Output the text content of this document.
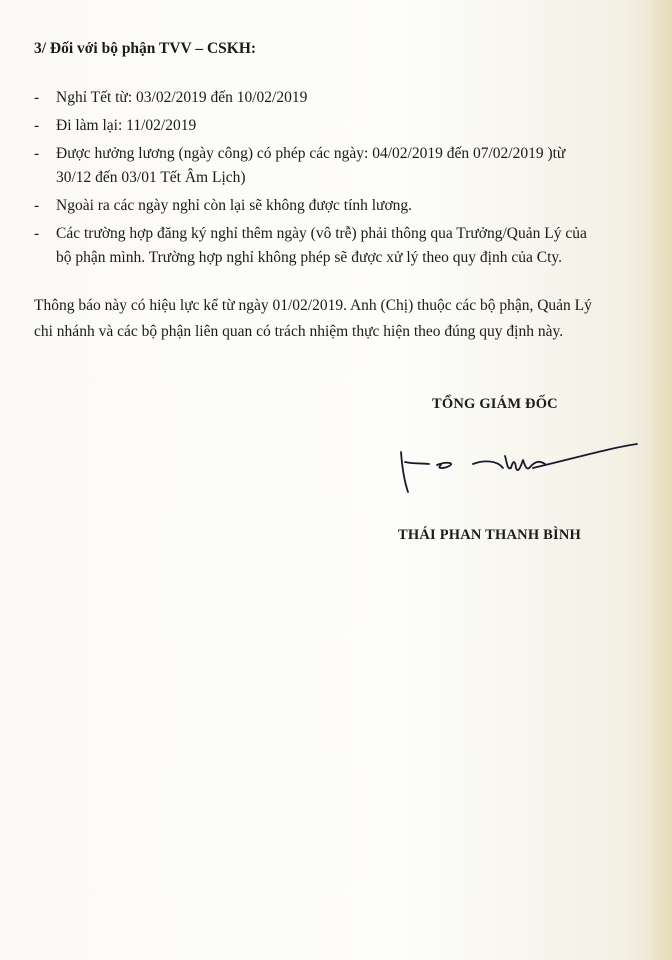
3/ Đối với bộ phận TVV – CSKH:
- Nghỉ Tết từ: 03/02/2019 đến 10/02/2019
- Đi làm lại: 11/02/2019
- Được hưởng lương (ngày công) có phép các ngày: 04/02/2019 đến 07/02/2019 )từ
30/12 đến 03/01 Tết Âm Lịch)
- Ngoài ra các ngày nghỉ còn lại sẽ không được tính lương.
- Các trường hợp đăng ký nghỉ thêm ngày (vô trễ) phải thông qua Trưởng/Quản Lý của
bộ phận mình. Trường hợp nghỉ không phép sẽ được xử lý theo quy định của Cty.
Thông báo này có hiệu lực kể từ ngày 01/02/2019. Anh (Chị) thuộc các bộ phận, Quản Lý
chi nhánh và các bộ phận liên quan có trách nhiệm thực hiện theo đúng quy định này.
TỔNG GIÁM ĐỐC
THÁI PHAN THANH BÌNH
